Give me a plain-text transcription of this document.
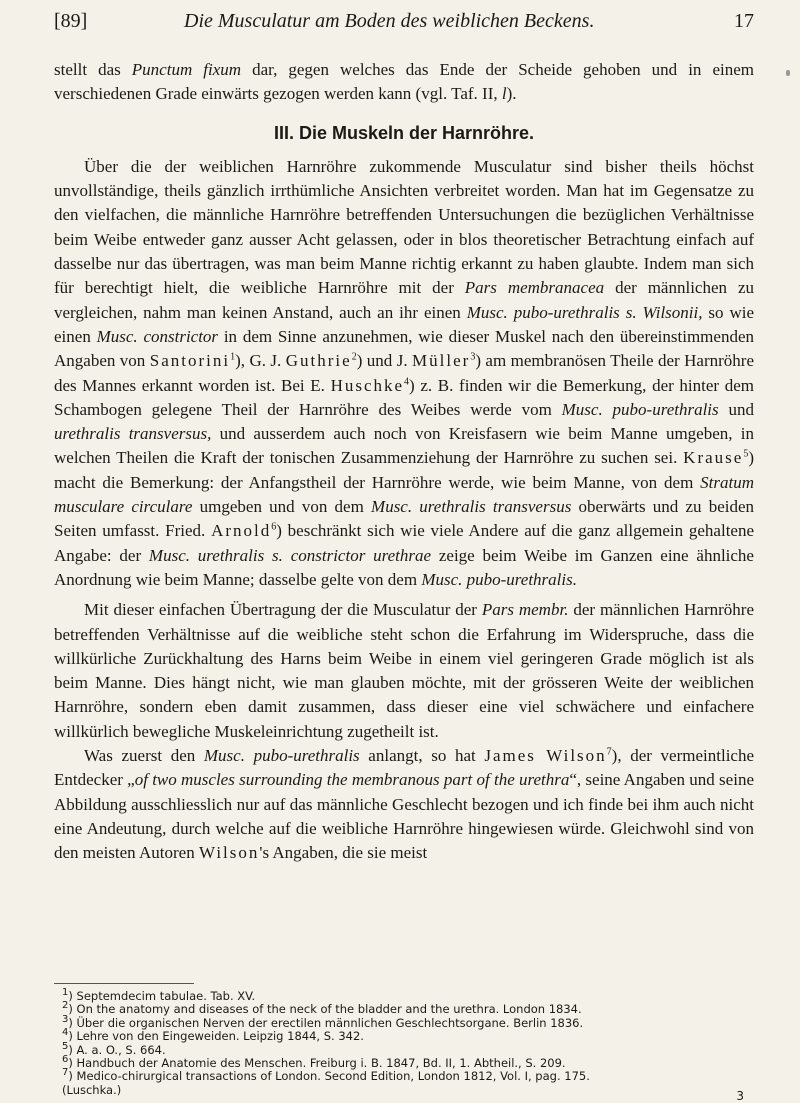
[89]	Die Musculatur am Boden des weiblichen Beckens.	17

stellt das Punctum fixum dar, gegen welches das Ende der Scheide gehoben und in einem verschiedenen Grade einwärts gezogen werden kann (vgl. Taf. II, l).

III. Die Muskeln der Harnröhre.

Über die der weiblichen Harnröhre zukommende Musculatur sind bisher theils höchst unvollständige, theils gänzlich irrthümliche Ansichten verbreitet worden. Man hat im Gegensatze zu den vielfachen, die männliche Harnröhre betreffenden Untersuchungen die bezüglichen Verhältnisse beim Weibe entweder ganz ausser Acht gelassen, oder in blos theoretischer Betrachtung einfach auf dasselbe nur das übertragen, was man beim Manne richtig erkannt zu haben glaubte. Indem man sich für berechtigt hielt, die weibliche Harnröhre mit der Pars membranacea der männlichen zu vergleichen, nahm man keinen Anstand, auch an ihr einen Musc. pubo-urethralis s. Wilsonii, so wie einen Musc. constrictor in dem Sinne anzunehmen, wie dieser Muskel nach den übereinstimmenden Angaben von Santorini$^1$), G. J. Guthrie$^2$) und J. Müller$^3$) am membranösen Theile der Harnröhre des Mannes erkannt worden ist. Bei E. Huschke$^4$) z. B. finden wir die Bemerkung, der hinter dem Schambogen gelegene Theil der Harnröhre des Weibes werde vom Musc. pubo-urethralis und urethralis transversus, und ausserdem auch noch von Kreisfasern wie beim Manne umgeben, in welchen Theilen die Kraft der tonischen Zusammenziehung der Harnröhre zu suchen sei. Krause$^5$) macht die Bemerkung: der Anfangstheil der Harnröhre werde, wie beim Manne, von dem Stratum musculare circulare umgeben und von dem Musc. urethralis transversus oberwärts und zu beiden Seiten umfasst. Fried. Arnold$^6$) beschränkt sich wie viele Andere auf die ganz allgemein gehaltene Angabe: der Musc. urethralis s. constrictor urethrae zeige beim Weibe im Ganzen eine ähnliche Anordnung wie beim Manne; dasselbe gelte von dem Musc. pubo-urethralis.

Mit dieser einfachen Übertragung der die Musculatur der Pars membr. der männlichen Harnröhre betreffenden Verhältnisse auf die weibliche steht schon die Erfahrung im Widerspruche, dass die willkürliche Zurückhaltung des Harns beim Weibe in einem viel geringeren Grade möglich ist als beim Manne. Dies hängt nicht, wie man glauben möchte, mit der grösseren Weite der weiblichen Harnröhre, sondern eben damit zusammen, dass dieser eine viel schwächere und einfachere willkürlich bewegliche Muskeleinrichtung zugetheilt ist.

Was zuerst den Musc. pubo-urethralis anlangt, so hat James Wilson$^7$), der vermeintliche Entdecker „of two muscles surrounding the membranous part of the urethra“, seine Angaben und seine Abbildung ausschliesslich nur auf das männliche Geschlecht bezogen und ich finde bei ihm auch nicht eine Andeutung, durch welche auf die weibliche Harnröhre hingewiesen würde. Gleichwohl sind von den meisten Autoren Wilson's Angaben, die sie meist

$^1$) Septemdecim tabulae. Tab. XV.
$^2$) On the anatomy and diseases of the neck of the bladder and the urethra. London 1834.
$^3$) Über die organischen Nerven der erectilen männlichen Geschlechtsorgane. Berlin 1836.
$^4$) Lehre von den Eingeweiden. Leipzig 1844, S. 342.
$^5$) A. a. O., S. 664.
$^6$) Handbuch der Anatomie des Menschen. Freiburg i. B. 1847, Bd. II, 1. Abtheil., S. 209.
$^7$) Medico-chirurgical transactions of London. Second Edition, London 1812, Vol. I, pag. 175.
(Luschka.)	3
